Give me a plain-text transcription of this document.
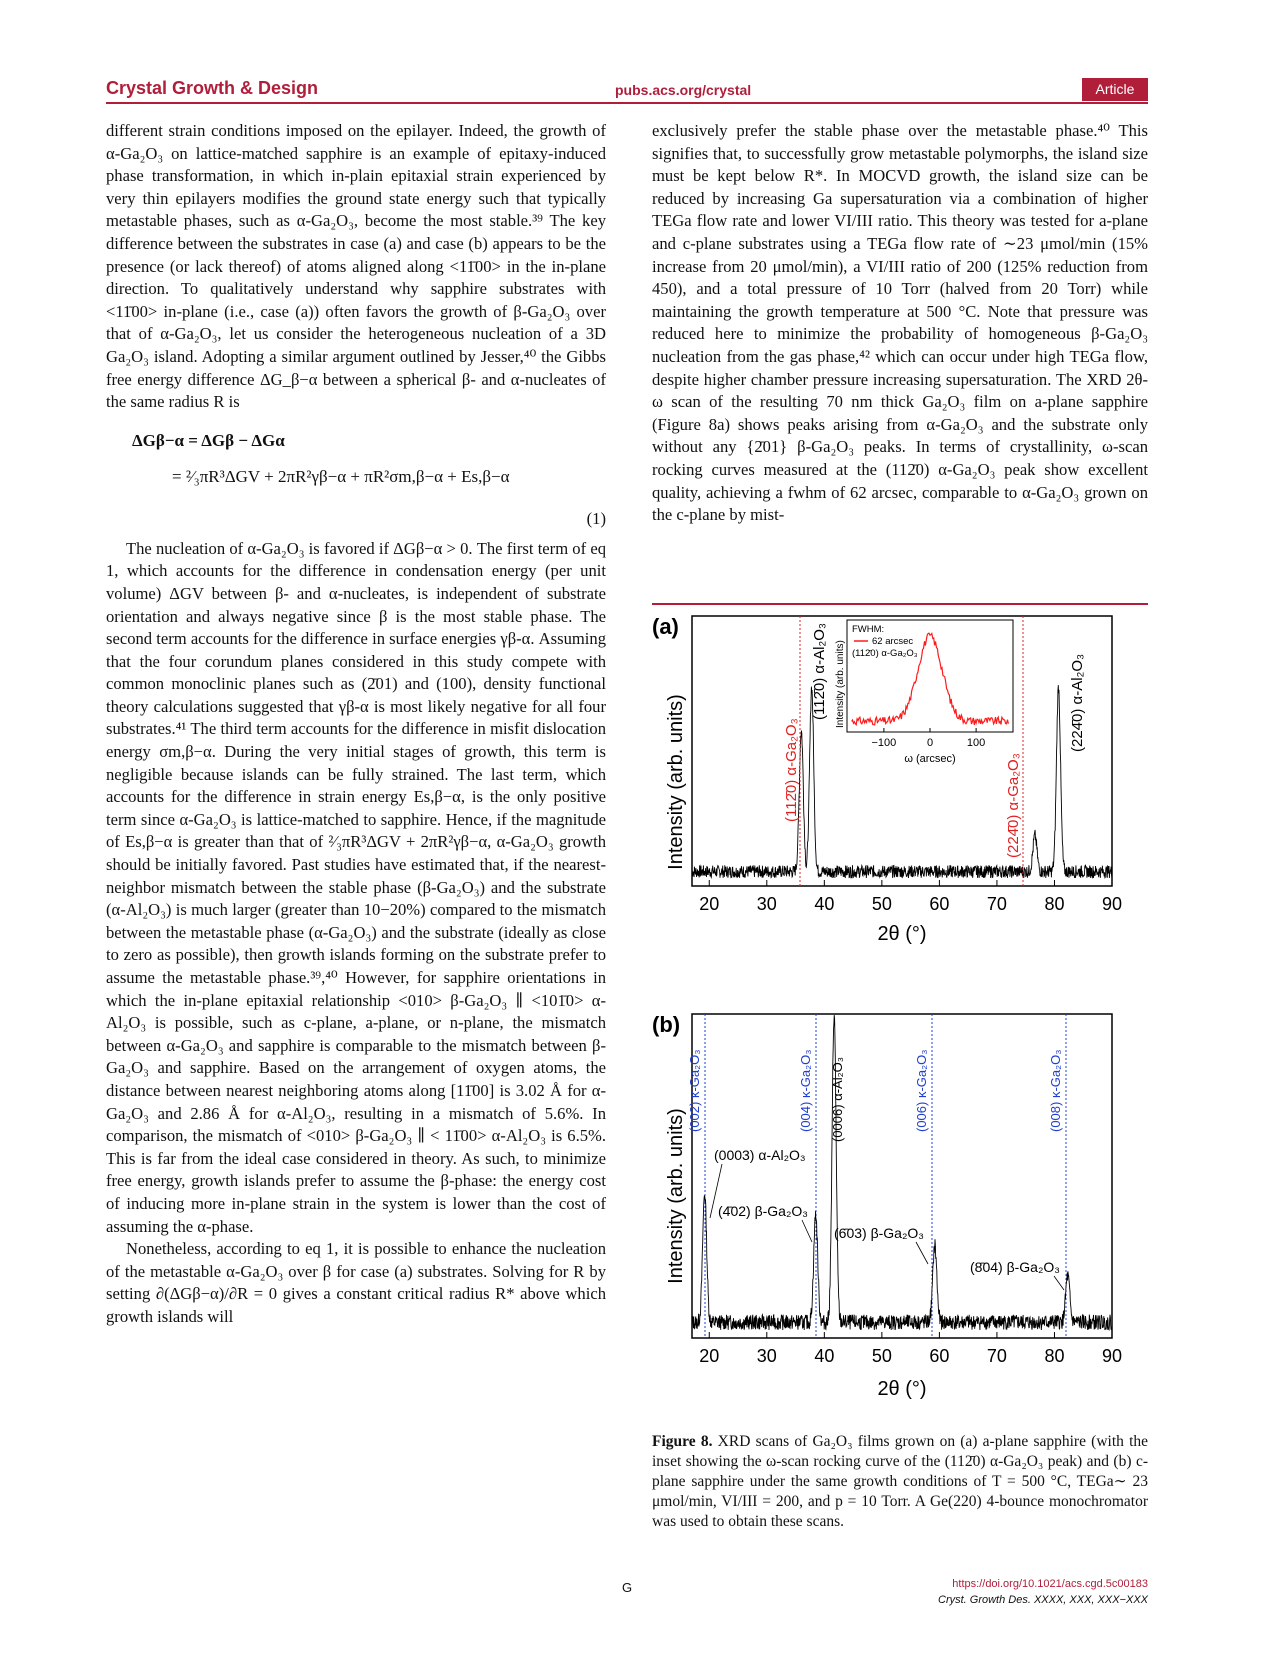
Crystal Growth & Design	pubs.acs.org/crystal	Article

different strain conditions imposed on the epilayer. Indeed, the growth of α-Ga₂O₃ on lattice-matched sapphire is an example of epitaxy-induced phase transformation, in which in-plain epitaxial strain experienced by very thin epilayers modifies the ground state energy such that typically metastable phases, such as α-Ga₂O₃, become the most stable.³⁹ The key difference between the substrates in case (a) and case (b) appears to be the presence (or lack thereof) of atoms aligned along <11̄00> in the in-plane direction. To qualitatively understand why sapphire substrates with <11̄00> in-plane (i.e., case (a)) often favors the growth of β-Ga₂O₃ over that of α-Ga₂O₃, let us consider the heterogeneous nucleation of a 3D Ga₂O₃ island. Adopting a similar argument outlined by Jesser,⁴⁰ the Gibbs free energy difference ΔG_β−α between a spherical β- and α-nucleates of the same radius R is

ΔGβ−α = ΔGβ − ΔGα
= ²⁄₃πR³ΔGV + 2πR²γβ−α + πR²σm,β−α + Es,β−α
(1)

The nucleation of α-Ga₂O₃ is favored if ΔGβ−α > 0. The first term of eq 1, which accounts for the difference in condensation energy (per unit volume) ΔGV between β- and α-nucleates, is independent of substrate orientation and always negative since β is the most stable phase. The second term accounts for the difference in surface energies γβ-α. Assuming that the four corundum planes considered in this study compete with common monoclinic planes such as (2̄01) and (100), density functional theory calculations suggested that γβ-α is most likely negative for all four substrates.⁴¹ The third term accounts for the difference in misfit dislocation energy σm,β−α. During the very initial stages of growth, this term is negligible because islands can be fully strained. The last term, which accounts for the difference in strain energy Es,β−α, is the only positive term since α-Ga₂O₃ is lattice-matched to sapphire. Hence, if the magnitude of Es,β−α is greater than that of ²⁄₃πR³ΔGV + 2πR²γβ−α, α-Ga₂O₃ growth should be initially favored. Past studies have estimated that, if the nearest-neighbor mismatch between the stable phase (β-Ga₂O₃) and the substrate (α-Al₂O₃) is much larger (greater than 10−20%) compared to the mismatch between the metastable phase (α-Ga₂O₃) and the substrate (ideally as close to zero as possible), then growth islands forming on the substrate prefer to assume the metastable phase.³⁹,⁴⁰ However, for sapphire orientations in which the in-plane epitaxial relationship <010> β-Ga₂O₃ ∥ <101̄0> α-Al₂O₃ is possible, such as c-plane, a-plane, or n-plane, the mismatch between α-Ga₂O₃ and sapphire is comparable to the mismatch between β-Ga₂O₃ and sapphire. Based on the arrangement of oxygen atoms, the distance between nearest neighboring atoms along [11̄00] is 3.02 Å for α-Ga₂O₃ and 2.86 Å for α-Al₂O₃, resulting in a mismatch of 5.6%. In comparison, the mismatch of <010> β-Ga₂O₃ ∥ < 11̄00> α-Al₂O₃ is 6.5%. This is far from the ideal case considered in theory. As such, to minimize free energy, growth islands prefer to assume the β-phase: the energy cost of inducing more in-plane strain in the system is lower than the cost of assuming the α-phase.

Nonetheless, according to eq 1, it is possible to enhance the nucleation of the metastable α-Ga₂O₃ over β for case (a) substrates. Solving for R by setting ∂(ΔGβ−α)/∂R = 0 gives a constant critical radius R* above which growth islands will

exclusively prefer the stable phase over the metastable phase.⁴⁰ This signifies that, to successfully grow metastable polymorphs, the island size must be kept below R*. In MOCVD growth, the island size can be reduced by increasing Ga supersaturation via a combination of higher TEGa flow rate and lower VI/III ratio. This theory was tested for a-plane and c-plane substrates using a TEGa flow rate of ∼23 μmol/min (15% increase from 20 μmol/min), a VI/III ratio of 200 (125% reduction from 450), and a total pressure of 10 Torr (halved from 20 Torr) while maintaining the growth temperature at 500 °C. Note that pressure was reduced here to minimize the probability of homogeneous β-Ga₂O₃ nucleation from the gas phase,⁴² which can occur under high TEGa flow, despite higher chamber pressure increasing supersaturation. The XRD 2θ-ω scan of the resulting 70 nm thick Ga₂O₃ film on a-plane sapphire (Figure 8a) shows peaks arising from α-Ga₂O₃ and the substrate only without any {2̄01} β-Ga₂O₃ peaks. In terms of crystallinity, ω-scan rocking curves measured at the (112̄0) α-Ga₂O₃ peak show excellent quality, achieving a fwhm of 62 arcsec, comparable to α-Ga₂O₃ grown on the c-plane by mist-

(a)
Intensity (arb. units)
20 30 40 50 60 70 80 90
2θ (°)
(112̄0) α-Ga₂O₃
(112̄0) α-Al₂O₃
(224̄0) α-Ga₂O₃
(224̄0) α-Al₂O₃
Intensity (arb. units)
FWHM:
62 arcsec
(112̄0) α-Ga₂O₃
−100	0	100
ω (arcsec)
(b)
Intensity (arb. units)
20 30 40 50 60 70 80 90
2θ (°)
(002) κ-Ga₂O₃	(004) κ-Ga₂O₃ (0006) α-Al₂O₃	(006) κ-Ga₂O₃	(008) κ-Ga₂O₃
(0003) α-Al₂O₃
(4̄02) β-Ga₂O₃
(6̄03) β-Ga₂O₃
(8̄04) β-Ga₂O₃
Figure 8. XRD scans of Ga₂O₃ films grown on (a) a-plane sapphire (with the inset showing the ω-scan rocking curve of the (112̄0) α-Ga₂O₃ peak) and (b) c-plane sapphire under the same growth conditions of T = 500 °C, TEGa∼ 23 μmol/min, VI/III = 200, and p = 10 Torr. A Ge(220) 4-bounce monochromator was used to obtain these scans.
G	https://doi.org/10.1021/acs.cgd.5c00183
Cryst. Growth Des. XXXX, XXX, XXX−XXX
